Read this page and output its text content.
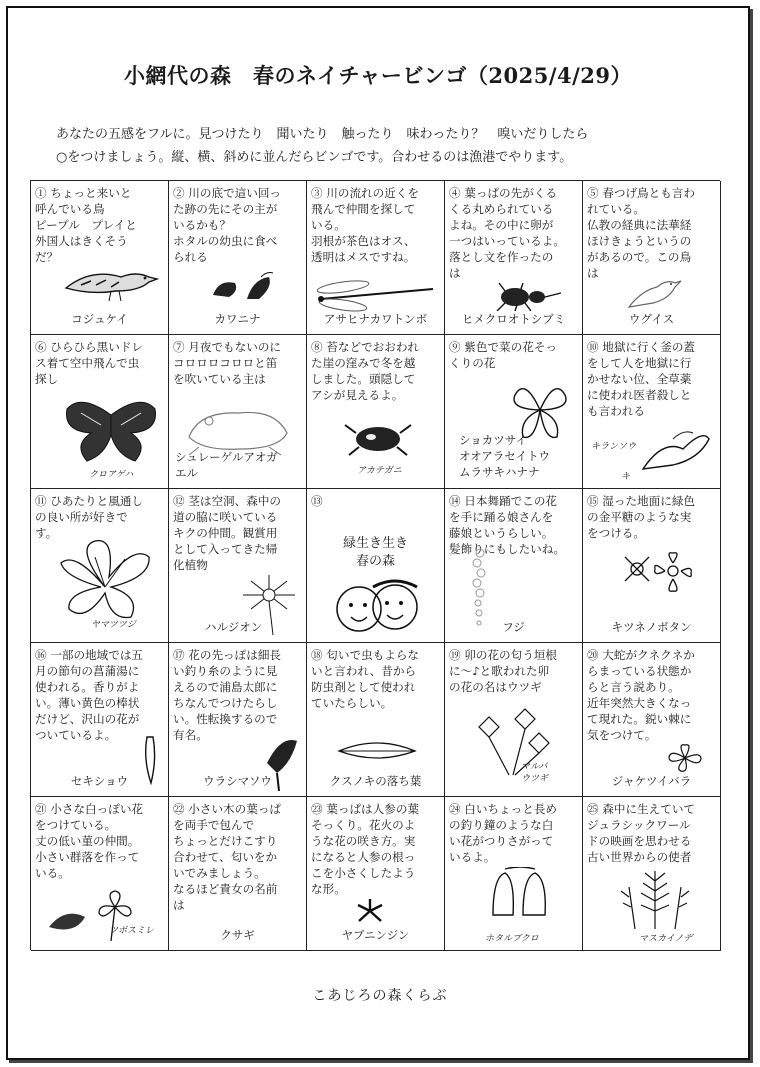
小網代の森　春のネイチャービンゴ（2025/4/29）
あなたの五感をフルに。見つけたり　聞いたり　触ったり　味わったり？　嗅いだりしたら
○をつけましょう。縦、横、斜めに並んだらビンゴです。合わせるのは漁港でやります。
① ちょっと来いと
呼んでいる鳥
ピープル　プレイと
外国人はきくそう
だ？
コジュケイ
② 川の底で這い回っ
た跡の先にその主が
いるかも？
ホタルの幼虫に食べ
られる
カワニナ
③ 川の流れの近くを
飛んで仲間を探して
いる。
羽根が茶色はオス、
透明はメスですね。
アサヒナカワトンボ
④ 葉っぱの先がくる
くる丸められている
よね。その中に卵が
一つはいっているよ。
落とし文を作ったの
は
ヒメクロオトシブミ
⑤ 春つげ鳥とも言わ
れている。
仏教の経典に法華経
ほけきょうというの
があるので。この鳥
は
ウグイス
⑥ ひらひら黒いドレ
ス着て空中飛んで虫
探し
クロアゲハ
⑦ 月夜でもないのに
コロロロコロロと笛
を吹いている主は
シュレーゲルアオガ
エル
⑧ 苔などでおおわれ
た崖の窪みで冬を越
しました。頭隠して
アシが見えるよ。
アカテガニ
⑨ 紫色で菜の花そっ
くりの花
ショカツサイ
オオアラセイトウ
ムラサキハナナ
⑩ 地獄に行く釜の蓋
をして人を地獄に行
かせない位、全草薬
に使われ医者殺しと
も言われる
キランソウ
キ
⑪ ひあたりと風通し
の良い所が好きで
す。
ヤマツツジ
⑫ 茎は空洞、森中の
道の脇に咲いている
キクの仲間。観賞用
として入ってきた帰
化植物
ハルジオン
⑬
緑生き生き
春の森
⑭ 日本舞踊でこの花
を手に踊る娘さんを
藤娘というらしい。
髪飾りにもしたいね。
フジ
⑮ 湿った地面に緑色
の金平糖のような実
をつける。
キツネノボタン
⑯ 一部の地域では五
月の節句の菖蒲湯に
使われる。香りがよ
い。薄い黄色の棒状
だけど、沢山の花が
ついているよ。
セキショウ
⑰ 花の先っぽは細長
い釣り糸のように見
えるので浦島太郎に
ちなんでつけたらし
い。性転換するので
有名。
ウラシマソウ
⑱ 匂いで虫もよらな
いと言われ、昔から
防虫剤として使われ
ていたらしい。
クスノキの落ち葉
⑲ 卯の花の匂う垣根
に〜♪と歌われた卯
の花の名はウツギ
マルバ
ウツギ
⑳ 大蛇がクネクネか
らまっている状態か
らと言う説あり。
近年突然大きくなっ
て現れた。鋭い棘に
気をつけて。
ジャケツイバラ
㉑ 小さな白っぽい花
をつけている。
丈の低い菫の仲間。
小さい群落を作って
いる。
ツボスミレ
㉒ 小さい木の葉っぱ
を両手で包んで
ちょっとだけこすり
合わせて、匂いをか
いでみましょう。
なるほど貴女の名前
は
クサギ
㉓ 葉っぱは人参の葉
そっくり。花火のよ
うな花の咲き方。実
になると人参の根っ
こを小さくしたよう
な形。
ヤブニンジン
㉔ 白いちょっと長め
の釣り鐘のような白
い花がつりさがって
いるよ。
ホタルブクロ
㉕ 森中に生えていて
ジュラシックワール
ドの映画を思わせる
古い世界からの使者
マスカイノデ
こあじろの森くらぶ
